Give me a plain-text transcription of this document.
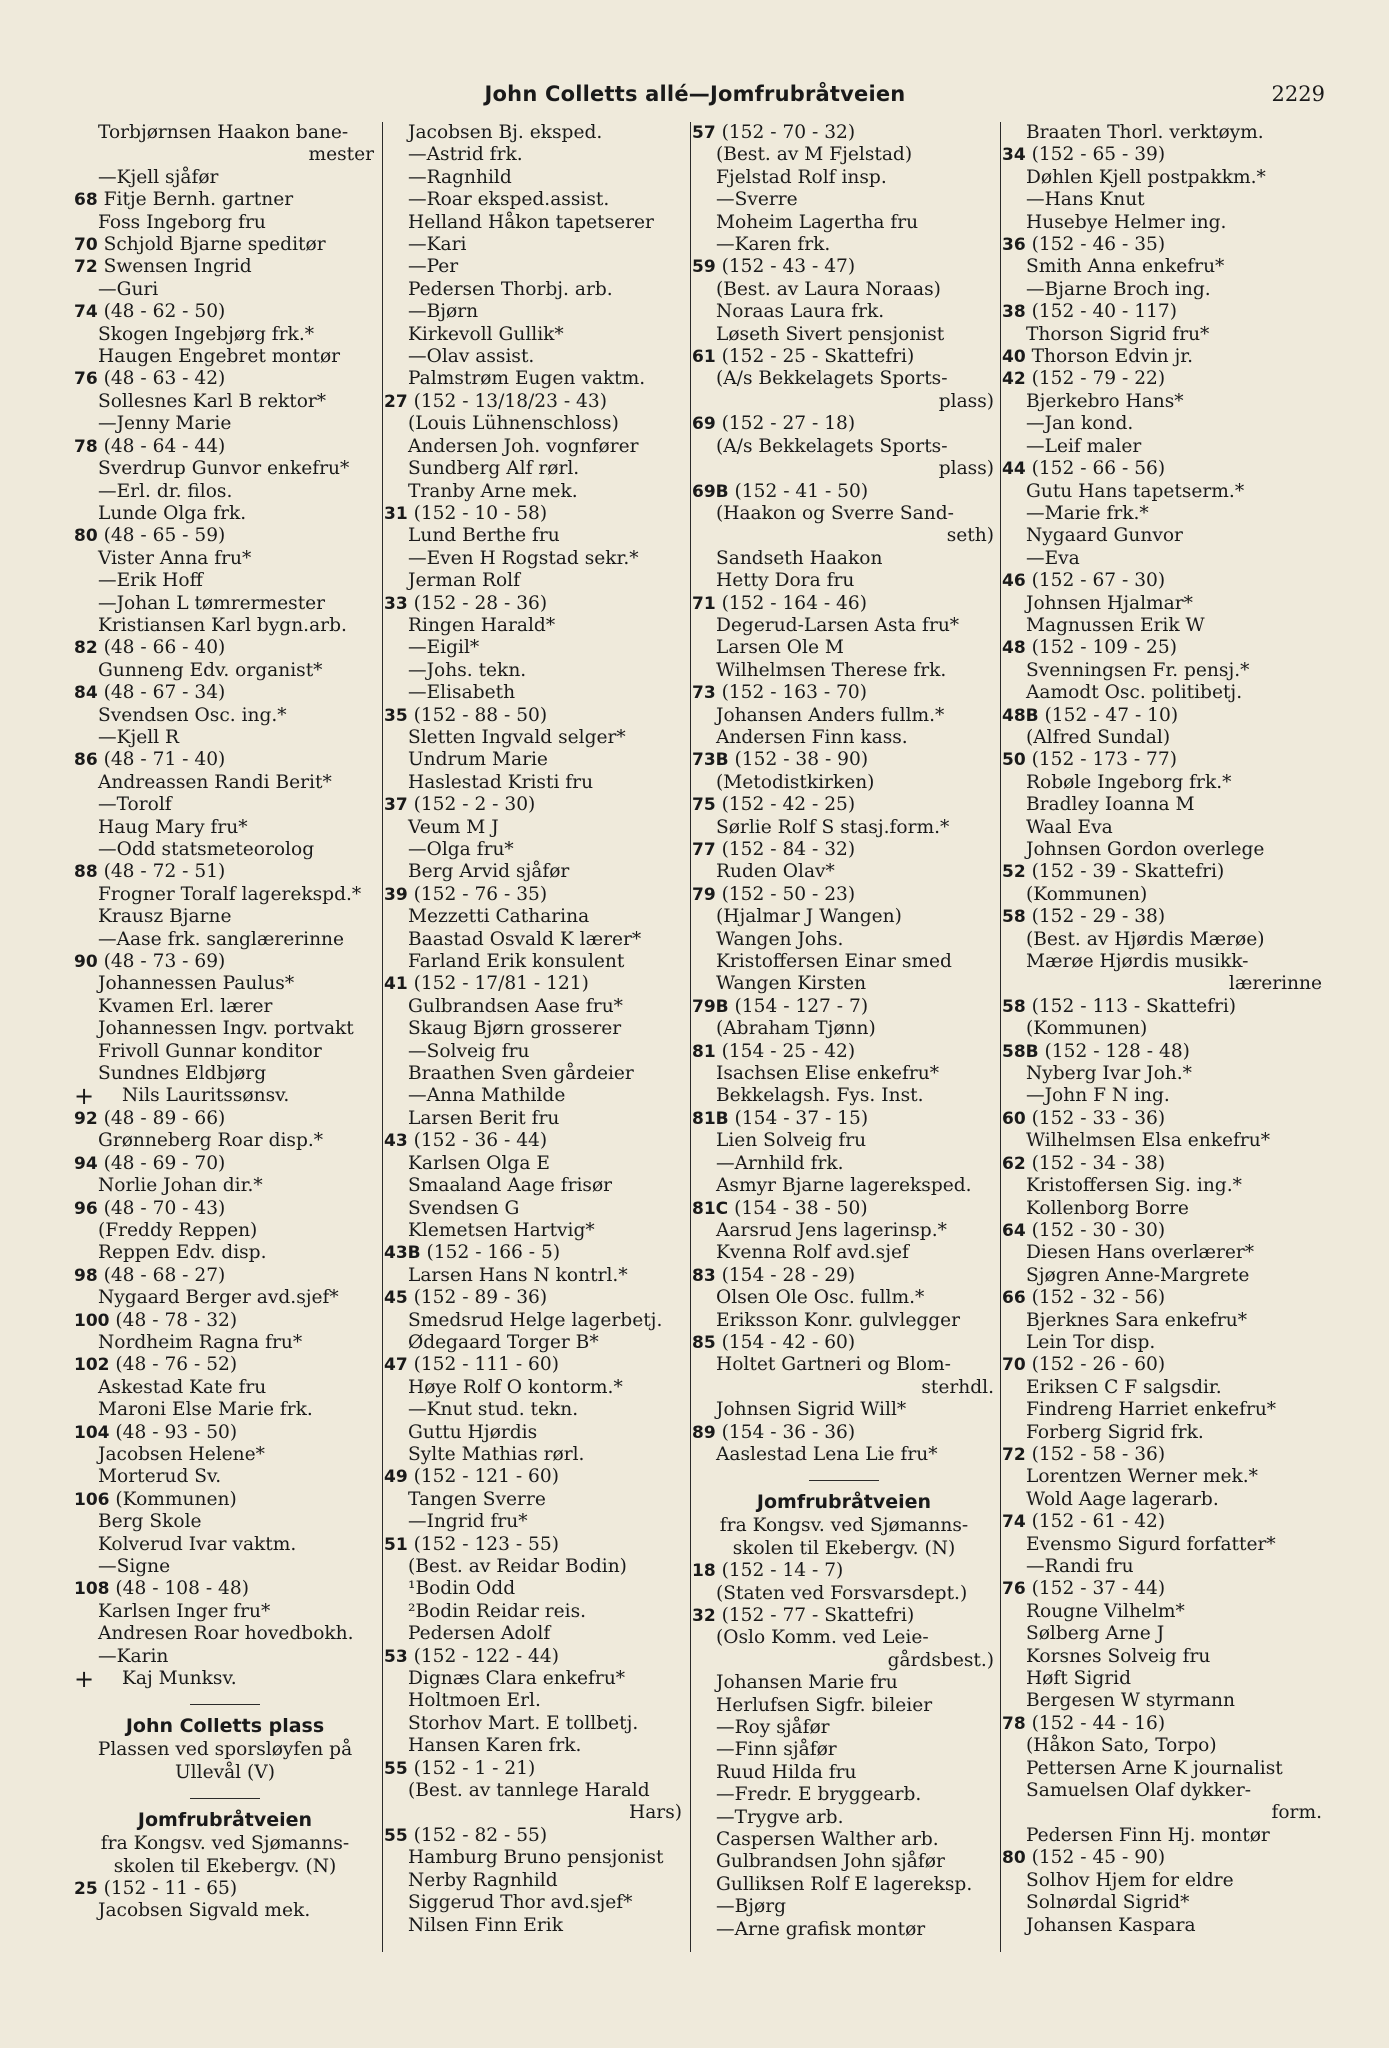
John Colletts allé—Jomfrubråtveien	2229
Torbjørnsen Haakon bane-
mester
—Kjell sjåfør
68 Fitje Bernh. gartner
Foss Ingeborg fru
70 Schjold Bjarne speditør
72 Swensen Ingrid
—Guri
74 (48 - 62 - 50)
Skogen Ingebjørg frk.*
Haugen Engebret montør
76 (48 - 63 - 42)
Sollesnes Karl B rektor*
—Jenny Marie
78 (48 - 64 - 44)
Sverdrup Gunvor enkefru*
—Erl. dr. filos.
Lunde Olga frk.
80 (48 - 65 - 59)
Vister Anna fru*
—Erik Hoff
—Johan L tømrermester
Kristiansen Karl bygn.arb.
82 (48 - 66 - 40)
Gunneng Edv. organist*
84 (48 - 67 - 34)
Svendsen Osc. ing.*
—Kjell R
86 (48 - 71 - 40)
Andreassen Randi Berit*
—Torolf
Haug Mary fru*
—Odd statsmeteorolog
88 (48 - 72 - 51)
Frogner Toralf lagerekspd.*
Krausz Bjarne
—Aase frk. sanglærerinne
90 (48 - 73 - 69)
Johannessen Paulus*
Kvamen Erl. lærer
Johannessen Ingv. portvakt
Frivoll Gunnar konditor
Sundnes Eldbjørg
+ Nils Lauritssønsv.
92 (48 - 89 - 66)
Grønneberg Roar disp.*
94 (48 - 69 - 70)
Norlie Johan dir.*
96 (48 - 70 - 43)
(Freddy Reppen)
Reppen Edv. disp.
98 (48 - 68 - 27)
Nygaard Berger avd.sjef*
100 (48 - 78 - 32)
Nordheim Ragna fru*
102 (48 - 76 - 52)
Askestad Kate fru
Maroni Else Marie frk.
104 (48 - 93 - 50)
Jacobsen Helene*
Morterud Sv.
106 (Kommunen)
Berg Skole
Kolverud Ivar vaktm.
—Signe
108 (48 - 108 - 48)
Karlsen Inger fru*
Andresen Roar hovedbokh.
—Karin
+ Kaj Munksv.
John Colletts plass
Plassen ved sporsløyfen på
Ullevål (V)
Jomfrubråtveien
fra Kongsv. ved Sjømanns-
skolen til Ekebergv. (N)
25 (152 - 11 - 65)
Jacobsen Sigvald mek.
Jacobsen Bj. eksped.
—Astrid frk.
—Ragnhild
—Roar eksped.assist.
Helland Håkon tapetserer
—Kari
—Per
Pedersen Thorbj. arb.
—Bjørn
Kirkevoll Gullik*
—Olav assist.
Palmstrøm Eugen vaktm.
27 (152 - 13/18/23 - 43)
(Louis Lühnenschloss)
Andersen Joh. vognfører
Sundberg Alf rørl.
Tranby Arne mek.
31 (152 - 10 - 58)
Lund Berthe fru
—Even H Rogstad sekr.*
Jerman Rolf
33 (152 - 28 - 36)
Ringen Harald*
—Eigil*
—Johs. tekn.
—Elisabeth
35 (152 - 88 - 50)
Sletten Ingvald selger*
Undrum Marie
Haslestad Kristi fru
37 (152 - 2 - 30)
Veum M J
—Olga fru*
Berg Arvid sjåfør
39 (152 - 76 - 35)
Mezzetti Catharina
Baastad Osvald K lærer*
Farland Erik konsulent
41 (152 - 17/81 - 121)
Gulbrandsen Aase fru*
Skaug Bjørn grosserer
—Solveig fru
Braathen Sven gårdeier
—Anna Mathilde
Larsen Berit fru
43 (152 - 36 - 44)
Karlsen Olga E
Smaaland Aage frisør
Svendsen G
Klemetsen Hartvig*
43B (152 - 166 - 5)
Larsen Hans N kontrl.*
45 (152 - 89 - 36)
Smedsrud Helge lagerbetj.
Ødegaard Torger B*
47 (152 - 111 - 60)
Høye Rolf O kontorm.*
—Knut stud. tekn.
Guttu Hjørdis
Sylte Mathias rørl.
49 (152 - 121 - 60)
Tangen Sverre
—Ingrid fru*
51 (152 - 123 - 55)
(Best. av Reidar Bodin)
¹Bodin Odd
²Bodin Reidar reis.
Pedersen Adolf
53 (152 - 122 - 44)
Dignæs Clara enkefru*
Holtmoen Erl.
Storhov Mart. E tollbetj.
Hansen Karen frk.
55 (152 - 1 - 21)
(Best. av tannlege Harald
Hars)
55 (152 - 82 - 55)
Hamburg Bruno pensjonist
Nerby Ragnhild
Siggerud Thor avd.sjef*
Nilsen Finn Erik
57 (152 - 70 - 32)
(Best. av M Fjelstad)
Fjelstad Rolf insp.
—Sverre
Moheim Lagertha fru
—Karen frk.
59 (152 - 43 - 47)
(Best. av Laura Noraas)
Noraas Laura frk.
Løseth Sivert pensjonist
61 (152 - 25 - Skattefri)
(A/s Bekkelagets Sports-
plass)
69 (152 - 27 - 18)
(A/s Bekkelagets Sports-
plass)
69B (152 - 41 - 50)
(Haakon og Sverre Sand-
seth)
Sandseth Haakon
Hetty Dora fru
71 (152 - 164 - 46)
Degerud-Larsen Asta fru*
Larsen Ole M
Wilhelmsen Therese frk.
73 (152 - 163 - 70)
Johansen Anders fullm.*
Andersen Finn kass.
73B (152 - 38 - 90)
(Metodistkirken)
75 (152 - 42 - 25)
Sørlie Rolf S stasj.form.*
77 (152 - 84 - 32)
Ruden Olav*
79 (152 - 50 - 23)
(Hjalmar J Wangen)
Wangen Johs.
Kristoffersen Einar smed
Wangen Kirsten
79B (154 - 127 - 7)
(Abraham Tjønn)
81 (154 - 25 - 42)
Isachsen Elise enkefru*
Bekkelagsh. Fys. Inst.
81B (154 - 37 - 15)
Lien Solveig fru
—Arnhild frk.
Asmyr Bjarne lagereksped.
81C (154 - 38 - 50)
Aarsrud Jens lagerinsp.*
Kvenna Rolf avd.sjef
83 (154 - 28 - 29)
Olsen Ole Osc. fullm.*
Eriksson Konr. gulvlegger
85 (154 - 42 - 60)
Holtet Gartneri og Blom-
sterhdl.
Johnsen Sigrid Will*
89 (154 - 36 - 36)
Aaslestad Lena Lie fru*
Jomfrubråtveien
fra Kongsv. ved Sjømanns-
skolen til Ekebergv. (N)
18 (152 - 14 - 7)
(Staten ved Forsvarsdept.)
32 (152 - 77 - Skattefri)
(Oslo Komm. ved Leie-
gårdsbest.)
Johansen Marie fru
Herlufsen Sigfr. bileier
—Roy sjåfør
—Finn sjåfør
Ruud Hilda fru
—Fredr. E bryggearb.
—Trygve arb.
Caspersen Walther arb.
Gulbrandsen John sjåfør
Gulliksen Rolf E lagereksp.
—Bjørg
—Arne grafisk montør
Braaten Thorl. verktøym.
34 (152 - 65 - 39)
Døhlen Kjell postpakkm.*
—Hans Knut
Husebye Helmer ing.
36 (152 - 46 - 35)
Smith Anna enkefru*
—Bjarne Broch ing.
38 (152 - 40 - 117)
Thorson Sigrid fru*
40 Thorson Edvin jr.
42 (152 - 79 - 22)
Bjerkebro Hans*
—Jan kond.
—Leif maler
44 (152 - 66 - 56)
Gutu Hans tapetserm.*
—Marie frk.*
Nygaard Gunvor
—Eva
46 (152 - 67 - 30)
Johnsen Hjalmar*
Magnussen Erik W
48 (152 - 109 - 25)
Svenningsen Fr. pensj.*
Aamodt Osc. politibetj.
48B (152 - 47 - 10)
(Alfred Sundal)
50 (152 - 173 - 77)
Robøle Ingeborg frk.*
Bradley Ioanna M
Waal Eva
Johnsen Gordon overlege
52 (152 - 39 - Skattefri)
(Kommunen)
58 (152 - 29 - 38)
(Best. av Hjørdis Mærøe)
Mærøe Hjørdis musikk-
lærerinne
58 (152 - 113 - Skattefri)
(Kommunen)
58B (152 - 128 - 48)
Nyberg Ivar Joh.*
—John F N ing.
60 (152 - 33 - 36)
Wilhelmsen Elsa enkefru*
62 (152 - 34 - 38)
Kristoffersen Sig. ing.*
Kollenborg Borre
64 (152 - 30 - 30)
Diesen Hans overlærer*
Sjøgren Anne-Margrete
66 (152 - 32 - 56)
Bjerknes Sara enkefru*
Lein Tor disp.
70 (152 - 26 - 60)
Eriksen C F salgsdir.
Findreng Harriet enkefru*
Forberg Sigrid frk.
72 (152 - 58 - 36)
Lorentzen Werner mek.*
Wold Aage lagerarb.
74 (152 - 61 - 42)
Evensmo Sigurd forfatter*
—Randi fru
76 (152 - 37 - 44)
Rougne Vilhelm*
Sølberg Arne J
Korsnes Solveig fru
Høft Sigrid
Bergesen W styrmann
78 (152 - 44 - 16)
(Håkon Sato, Torpo)
Pettersen Arne K journalist
Samuelsen Olaf dykker-
form.
Pedersen Finn Hj. montør
80 (152 - 45 - 90)
Solhov Hjem for eldre
Solnørdal Sigrid*
Johansen Kaspara
